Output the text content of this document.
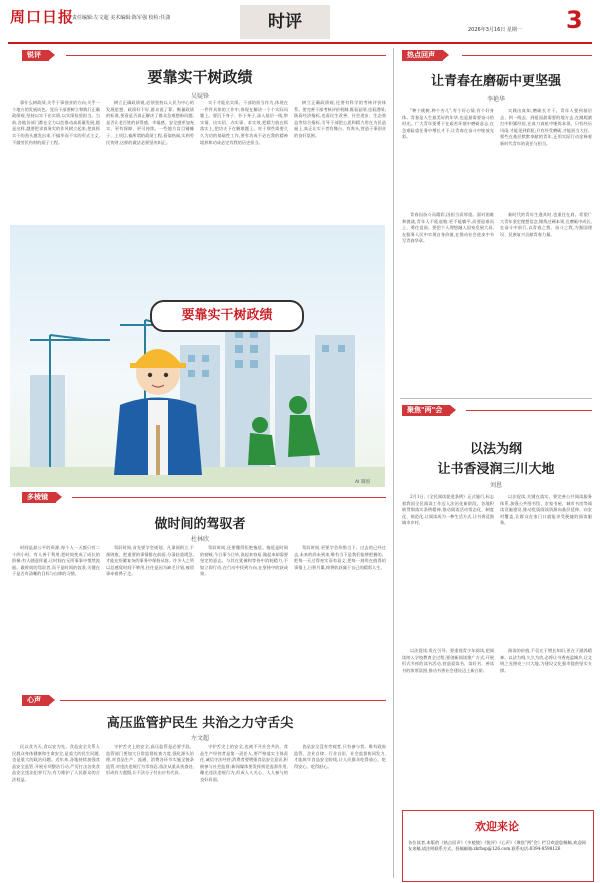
周口日报
责任编辑:左文超 美术编辑:陈军强 校检:任潇	时评	2026年3月16日 星期一 3
锐评
要靠实干树政绩
吴疑锋
靠什么树政绩,关乎干事创业的方向,关乎一个地方的发展成色。党员干部要树立和践行正确政绩观,坚持以实干出实绩,以实绩检验担当。当前,各地各部门都在全力以赴推动高质量发展,越是这样,越要把求真务实的作风树立起来,把真抓实干的劲头激发出来,不搞华而不实的形式主义,不做劳民伤财的面子工程。
树立正确政绩观,必须坚持以人民为中心的发展思想。政绩好不好,群众说了算。衡量政绩的标准,要看是否真正解决了群众急难愁盼问题,是否让老百姓的获得感、幸福感、安全感更加充实、更有保障、更可持续。一些地方盲目铺摊子、上项目,搞所谓的政绩工程,看似热闹,实则劳民伤财,这样的做法必须坚决纠正。
实干才能出实绩。干部的担当作为,体现在一件件具体的工作中,体现在解决一个个实际问题上。要沉下身子、扑下身子,深入基层一线,察实情、出实招、办实事、求实效,把精力放在抓落实上,把功夫下在解难题上。对于那些需要久久为功的基础性工作,要有功成不必在我的精神境界和功成必定有我的历史担当。
树立正确政绩观,还要有科学的考核评价体系。要完善干部考核评价机制,既看显绩,也看潜绩;既看经济指标,也看民生改善、社会进步、生态效益等综合指标,引导干部把心思和精力用在为民造福上,真正让实干者有舞台、有奔头,营造干事创业的良好氛围。
要靠实干树政绩
AI 制图
多棱镜
做时间的驾驭者
杜林欣
时间是最公平的资源,每个人一天都只有二十四小时。有人善于利用,把时间变成了成长的阶梯;有人随意挥霍,让时间在无所事事中悄然流逝。做时间的驾驭者,而不是时间的奴隶,关键在于是否有清晰的目标与自律的习惯。
驾驭时间,首先要学会规划。凡事预则立,不预则废。把重要的事情排在前面,分清轻重缓急,才能在纷繁复杂的事务中保持从容。许多人之所以总感觉时间不够用,往往是因为缺乏计划,被琐事牵着鼻子走。
驾驭时间,还要懂得拒绝拖延。拖延是时间的窃贼,今日事今日毕,说起来容易,做起来却需要坚定的意志。与其在犹豫和等待中消耗精力,不如立即行动,在行动中找到方向,在坚持中收获成果。
驾驭时间,更要学会珍惜当下。过去的已经过去,未来的尚未到来,唯有当下是我们能够把握的。把每一天过得充实而有意义,把每一刻用在值得的事情上,日积月累,终将收获属于自己的精彩人生。
心声
高压监管护民生 共治之力守舌尖
左文超
民以食为天,食以安为先。食品安全关系人民群众身体健康和生命安全,是重大的民生问题,也是重大的政治问题。近年来,各地持续加强食品安全监管,开展专项整治行动,严厉打击各类食品安全违法犯罪行为,有力维护了人民群众的合法权益。
守护舌尖上的安全,高压监管是必要手段。监管部门要加大日常监督检查力度,强化源头治理,对食品生产、流通、消费各环节实施全链条监管,对违法违规行为零容忍,依法从重从快查处,形成有力震慑,让不法分子付出应有代价。
守护舌尖上的安全,也离不开社会共治。食品生产经营者是第一责任人,要严格落实主体责任,诚信守法经营;消费者要增强食品安全意识,积极参与社会监督;新闻媒体要发挥舆论监督作用,曝光违法违规行为,形成人人关心、人人参与的良好局面。
食品安全没有旁观者,只有参与者。唯有政府监管、企业自律、行业自治、社会监督协同发力,才能筑牢食品安全防线,让人民群众吃得放心、吃得安心、吃得舒心。
热点回声
让青春在磨砺中更坚强
李艳华
"种个桃树,种个杏儿",有个好心情,有个好身体。青春是人生最美好的年华,也是最需要奋斗的时光。广大青年要勇于在艰苦环境中磨砺意志,在急难险重任务中增长才干,让青春在奋斗中绽放光彩。
实践出真知,磨砺长才干。青年人要到基层去、到一线去、到祖国最需要的地方去,在摸爬滚打中积累经验,在真刀真枪中锤炼本领。只有经历风雨,才能见到彩虹;只有经受磨砺,才能担当大任。那些在基层默默奉献的青年,正用实际行动诠释着新时代青年的责任与担当。
青春因奋斗而精彩,因担当而厚重。面对困难和挑战,青年人不能退缩,更不能躺平,而要迎难而上、勇往直前。要把个人理想融入国家发展大局,在服务人民中实现自身价值,在推动社会进步中书写青春华章。
新时代的青年生逢其时,也重任在肩。希望广大青年坚定理想信念,锤炼过硬本领,在磨砺中成长,在奋斗中前行,以青春之我、奋斗之我,为强国建设、民族复兴贡献青春力量。
聚焦"两"会
以法为纲
让书香浸润三川大地
刘恩
2月1日,《全民阅读促进条例》正式施行,标志着我国全民阅读工作迈入法治化新阶段。各地积极贯彻落实条例精神,推动阅读活动常态化、制度化、规范化,让阅读成为一种生活方式,让书香浸润城市乡村。
以法促读,关键在落实。要完善公共阅读服务体系,加强公共图书馆、农家书屋、城市书房等阅读设施建设,推动优质阅读资源向基层延伸、向农村覆盖,让群众在家门口就能享受便捷的阅读服务。
以法促读,贵在引导。要重视青少年阅读,把阅读纳入学校教育全过程;要创新阅读推广方式,开展形式多样的读书活动,营造爱读书、读好书、善读书的浓厚氛围,推动书香社会建设迈上新台阶。
阅读的价值,不仅在于增长知识,更在于涵养精神。以法为纲,久久为功,必将让书香充盈城乡,让文明之光照亮三川大地,为建设文化强市提供坚实支撑。
欢迎来论
各位读者,本版的《热点回声》《多棱镜》《锐评》《心声》《聚焦"两"会》栏目欢迎您赐稿,欢迎网友来稿,请注明联系方式。投稿邮箱:zkrbsp@126.com 联系电话:0394-8598126
